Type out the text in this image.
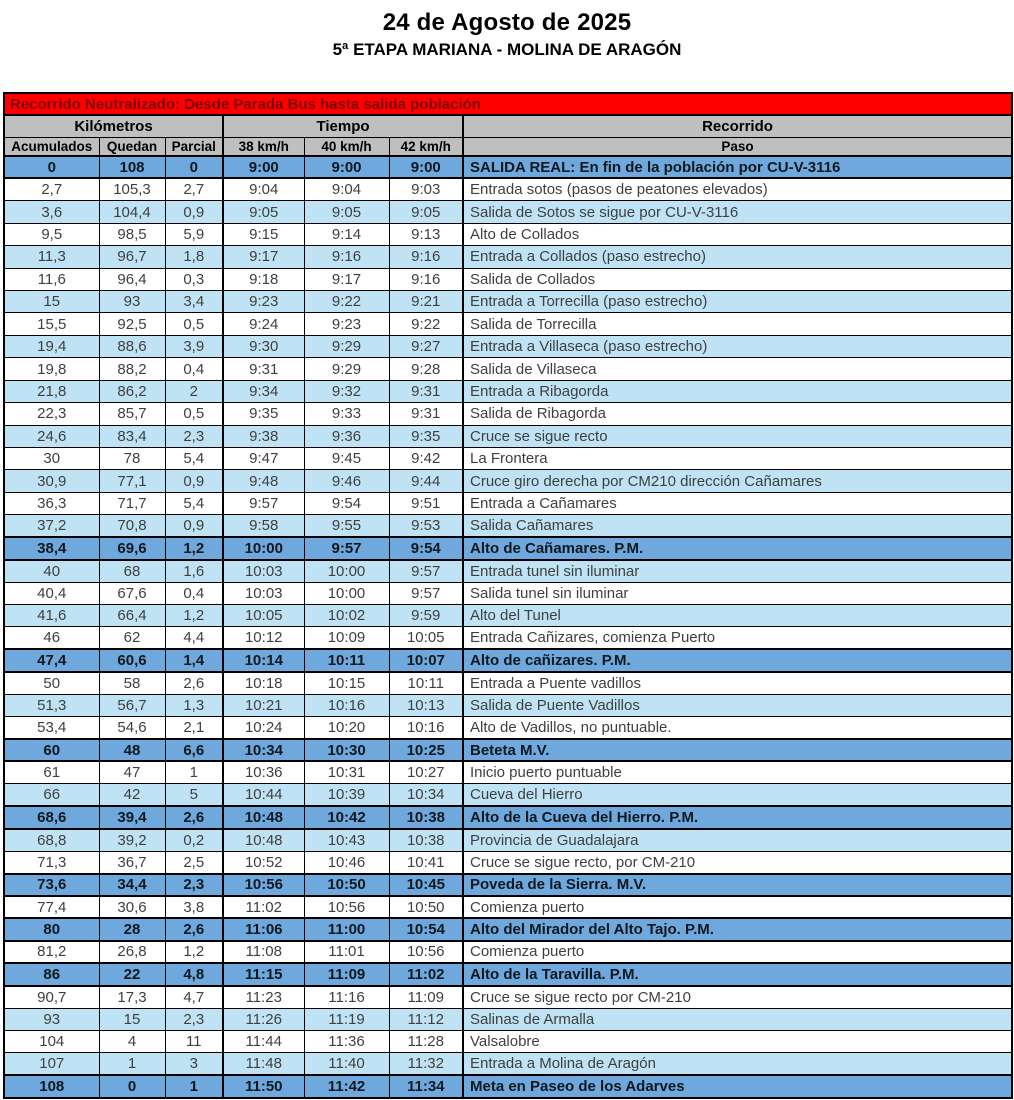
24 de Agosto de 2025
5ª ETAPA MARIANA - MOLINA DE ARAGÓN
Recorrido Neutralizado: Desde Parada Bus hasta salida población						
Kilómetros			Tiempo			Recorrido
Acumulados	Quedan	Parcial	38 km/h	40 km/h	42 km/h	Paso
0	108	0	9:00	9:00	9:00	SALIDA REAL: En fin de la población por CU-V-3116
2,7	105,3	2,7	9:04	9:04	9:03	Entrada sotos (pasos de peatones elevados)
3,6	104,4	0,9	9:05	9:05	9:05	Salida de Sotos se sigue por CU-V-3116
9,5	98,5	5,9	9:15	9:14	9:13	Alto de Collados
11,3	96,7	1,8	9:17	9:16	9:16	Entrada a Collados (paso estrecho)
11,6	96,4	0,3	9:18	9:17	9:16	Salida de Collados
15	93	3,4	9:23	9:22	9:21	Entrada a Torrecilla (paso estrecho)
15,5	92,5	0,5	9:24	9:23	9:22	Salida de Torrecilla
19,4	88,6	3,9	9:30	9:29	9:27	Entrada a Villaseca (paso estrecho)
19,8	88,2	0,4	9:31	9:29	9:28	Salida de Villaseca
21,8	86,2	2	9:34	9:32	9:31	Entrada a Ribagorda
22,3	85,7	0,5	9:35	9:33	9:31	Salida de Ribagorda
24,6	83,4	2,3	9:38	9:36	9:35	Cruce se sigue recto
30	78	5,4	9:47	9:45	9:42	La Frontera
30,9	77,1	0,9	9:48	9:46	9:44	Cruce giro derecha por CM210 dirección Cañamares
36,3	71,7	5,4	9:57	9:54	9:51	Entrada a Cañamares
37,2	70,8	0,9	9:58	9:55	9:53	Salida Cañamares
38,4	69,6	1,2	10:00	9:57	9:54	Alto de Cañamares. P.M.
40	68	1,6	10:03	10:00	9:57	Entrada tunel sin iluminar
40,4	67,6	0,4	10:03	10:00	9:57	Salida tunel sin iluminar
41,6	66,4	1,2	10:05	10:02	9:59	Alto del Tunel
46	62	4,4	10:12	10:09	10:05	Entrada Cañizares, comienza Puerto
47,4	60,6	1,4	10:14	10:11	10:07	Alto de cañizares. P.M.
50	58	2,6	10:18	10:15	10:11	Entrada a Puente vadillos
51,3	56,7	1,3	10:21	10:16	10:13	Salida de Puente Vadillos
53,4	54,6	2,1	10:24	10:20	10:16	Alto de Vadillos, no puntuable.
60	48	6,6	10:34	10:30	10:25	Beteta M.V.
61	47	1	10:36	10:31	10:27	Inicio puerto puntuable
66	42	5	10:44	10:39	10:34	Cueva del Hierro
68,6	39,4	2,6	10:48	10:42	10:38	Alto de la Cueva del Hierro. P.M.
68,8	39,2	0,2	10:48	10:43	10:38	Provincia de Guadalajara
71,3	36,7	2,5	10:52	10:46	10:41	Cruce se sigue recto, por CM-210
73,6	34,4	2,3	10:56	10:50	10:45	Poveda de la Sierra. M.V.
77,4	30,6	3,8	11:02	10:56	10:50	Comienza puerto
80	28	2,6	11:06	11:00	10:54	Alto del Mirador del Alto Tajo. P.M.
81,2	26,8	1,2	11:08	11:01	10:56	Comienza puerto
86	22	4,8	11:15	11:09	11:02	Alto de la Taravilla. P.M.
90,7	17,3	4,7	11:23	11:16	11:09	Cruce se sigue recto por CM-210
93	15	2,3	11:26	11:19	11:12	Salinas de Armalla
104	4	11	11:44	11:36	11:28	Valsalobre
107	1	3	11:48	11:40	11:32	Entrada a Molina de Aragón
108	0	1	11:50	11:42	11:34	Meta en Paseo de los Adarves
